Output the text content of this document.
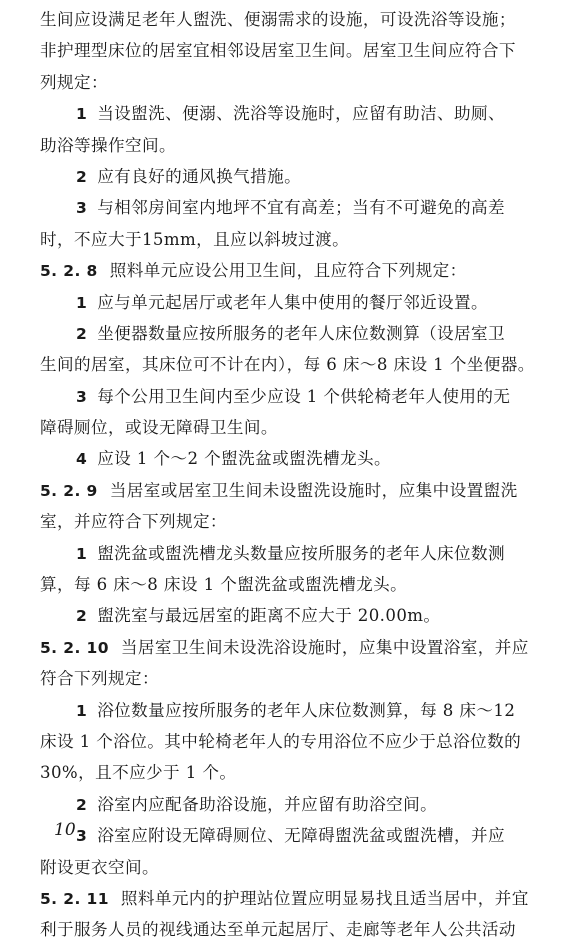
生间应设满足老年人盥洗、便溺需求的设施，可设洗浴等设施；
非护理型床位的居室宜相邻设居室卫生间。居室卫生间应符合下
列规定：
1 当设盥洗、便溺、洗浴等设施时，应留有助洁、助厕、
助浴等操作空间。
2 应有良好的通风换气措施。
3 与相邻房间室内地坪不宜有高差；当有不可避免的高差
时，不应大于15mm，且应以斜坡过渡。
5. 2. 8 照料单元应设公用卫生间，且应符合下列规定：
1 应与单元起居厅或老年人集中使用的餐厅邻近设置。
2 坐便器数量应按所服务的老年人床位数测算（设居室卫
生间的居室，其床位可不计在内），每 6 床～8 床设 1 个坐便器。
3 每个公用卫生间内至少应设 1 个供轮椅老年人使用的无
障碍厕位，或设无障碍卫生间。
4 应设 1 个～2 个盥洗盆或盥洗槽龙头。
5. 2. 9 当居室或居室卫生间未设盥洗设施时，应集中设置盥洗
室，并应符合下列规定：
1 盥洗盆或盥洗槽龙头数量应按所服务的老年人床位数测
算，每 6 床～8 床设 1 个盥洗盆或盥洗槽龙头。
2 盥洗室与最远居室的距离不应大于 20.00m。
5. 2. 10 当居室卫生间未设洗浴设施时，应集中设置浴室，并应
符合下列规定：
1 浴位数量应按所服务的老年人床位数测算，每 8 床～12
床设 1 个浴位。其中轮椅老年人的专用浴位不应少于总浴位数的
30%，且不应少于 1 个。
2 浴室内应配备助浴设施，并应留有助浴空间。
3 浴室应附设无障碍厕位、无障碍盥洗盆或盥洗槽，并应
附设更衣空间。
5. 2. 11 照料单元内的护理站位置应明显易找且适当居中，并宜
利于服务人员的视线通达至单元起居厅、走廊等老年人公共活动
10
